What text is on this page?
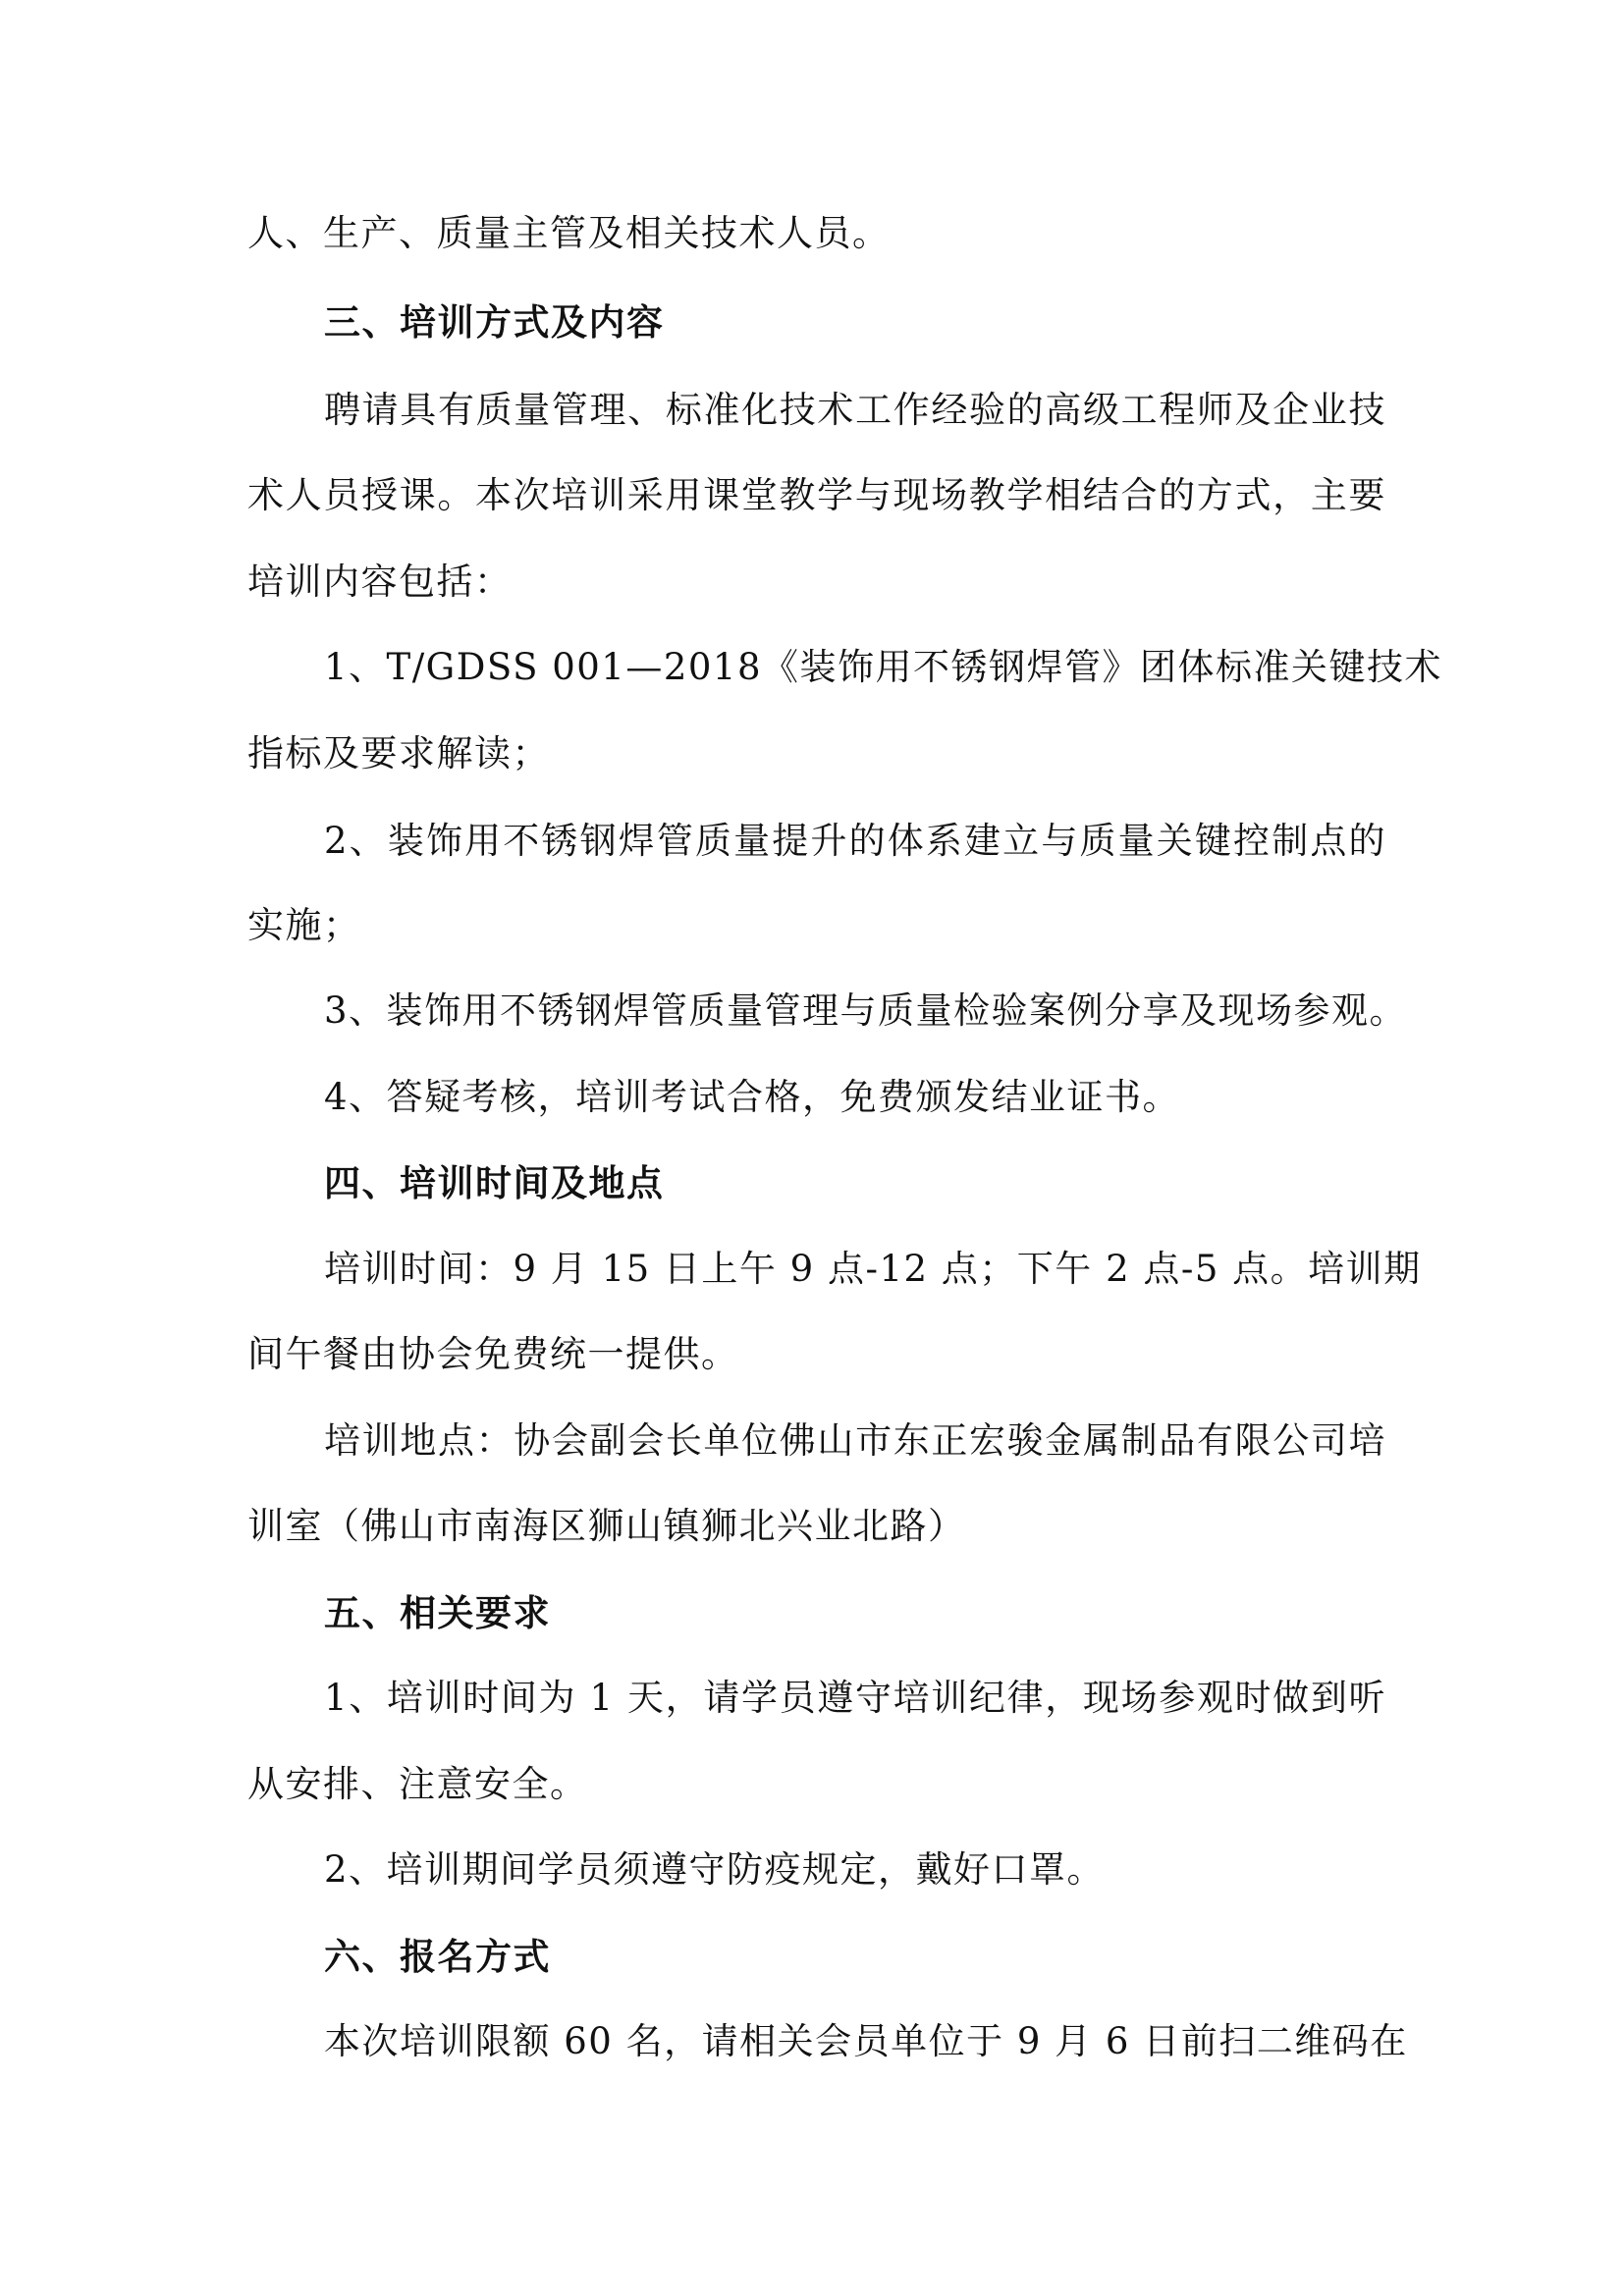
人、生产、质量主管及相关技术人员。
三、培训方式及内容
聘请具有质量管理、标准化技术工作经验的高级工程师及企业技
术人员授课。本次培训采用课堂教学与现场教学相结合的方式，主要
培训内容包括：
1、T/GDSS 001—2018《装饰用不锈钢焊管》团体标准关键技术
指标及要求解读；
2、装饰用不锈钢焊管质量提升的体系建立与质量关键控制点的
实施；
3、装饰用不锈钢焊管质量管理与质量检验案例分享及现场参观。
4、答疑考核，培训考试合格，免费颁发结业证书。
四、培训时间及地点
培训时间：9 月 15 日上午 9 点-12 点；下午 2 点-5 点。培训期
间午餐由协会免费统一提供。
培训地点：协会副会长单位佛山市东正宏骏金属制品有限公司培
训室（佛山市南海区狮山镇狮北兴业北路）
五、相关要求
1、培训时间为 1 天，请学员遵守培训纪律，现场参观时做到听
从安排、注意安全。
2、培训期间学员须遵守防疫规定，戴好口罩。
六、报名方式
本次培训限额 60 名，请相关会员单位于 9 月 6 日前扫二维码在
